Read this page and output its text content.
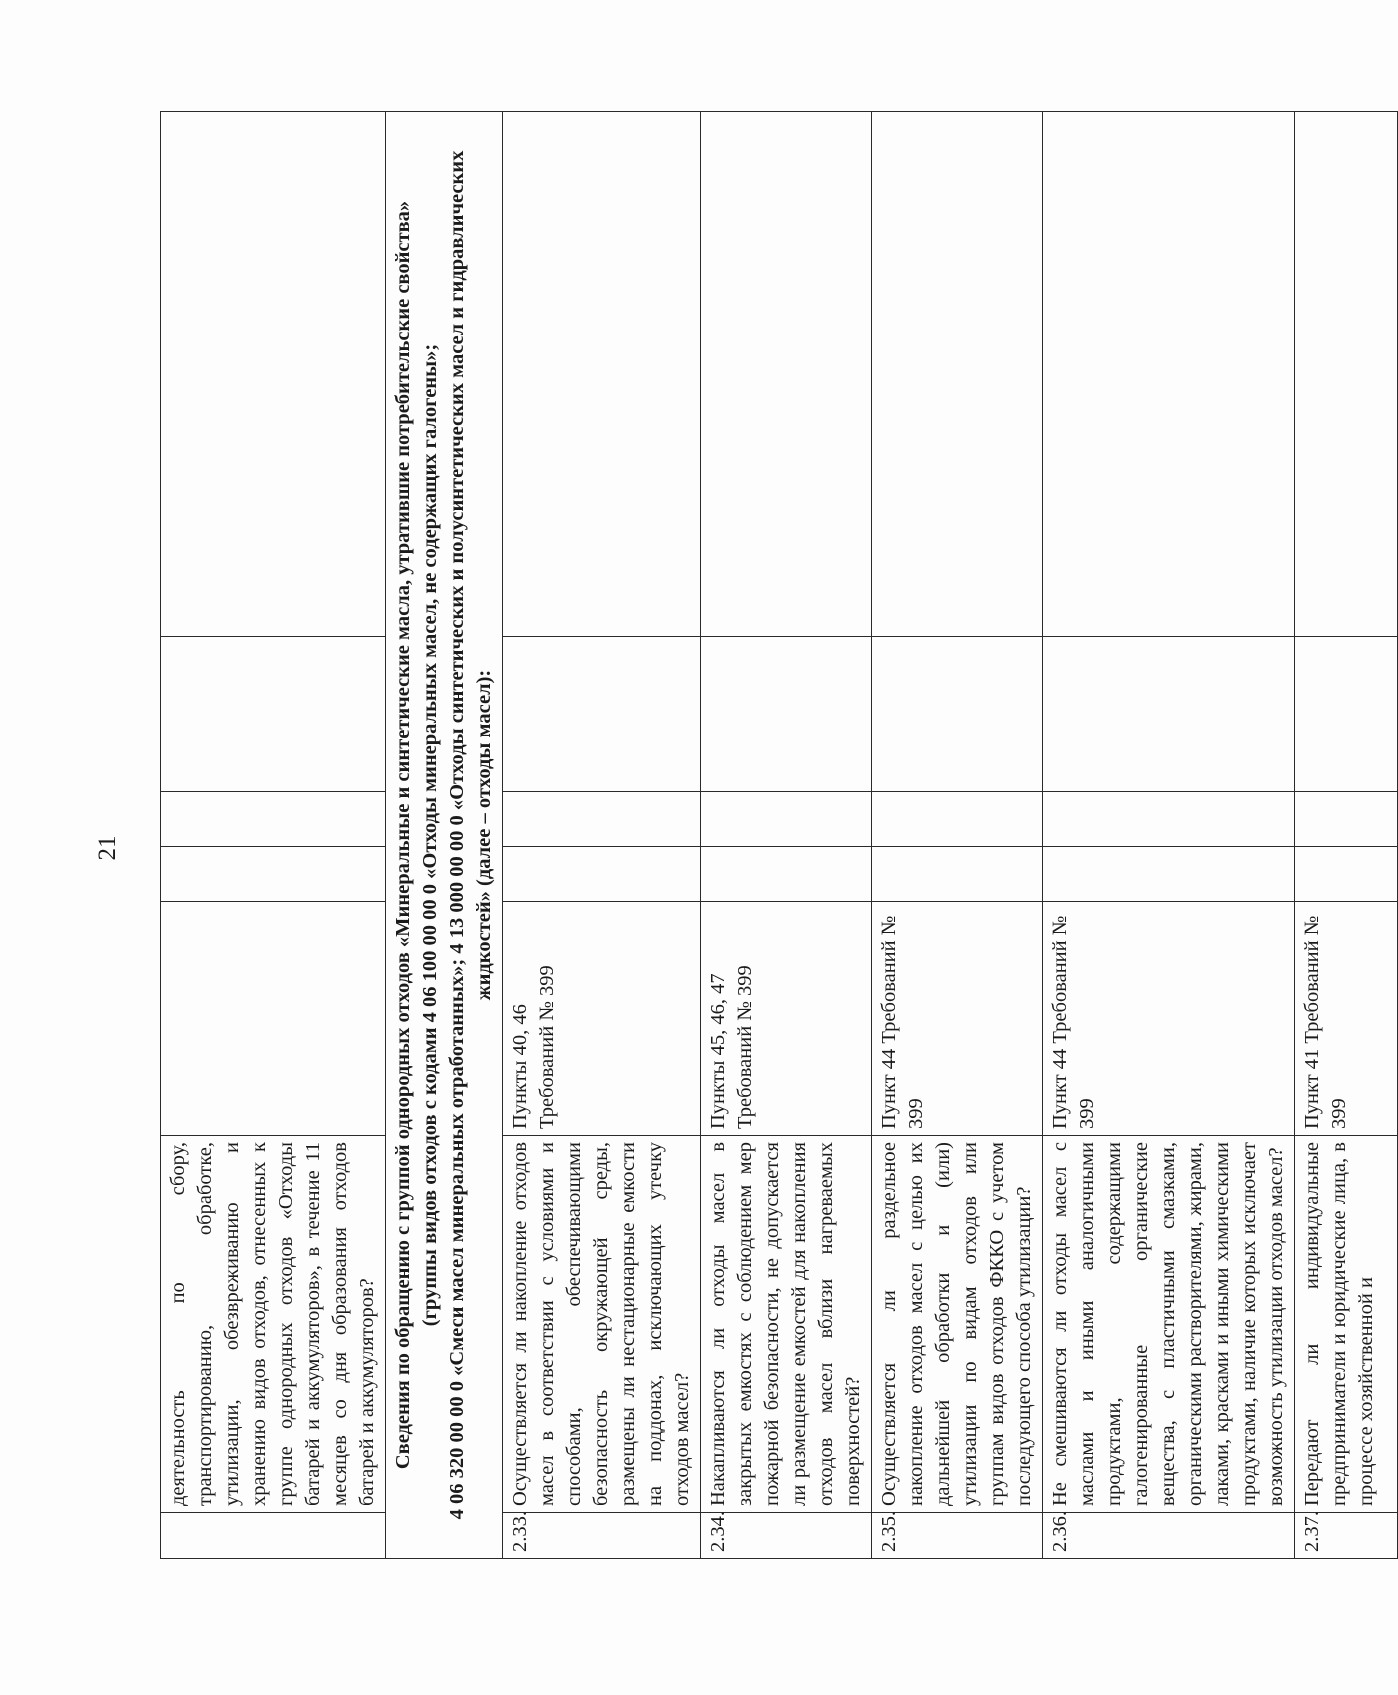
21
	деятельность по сбору, транспортированию, обработке, утилизации, обезвреживанию и хранению видов отходов, отнесенных к группе однородных отходов «Отходы батарей и аккумуляторов», в течение 11 месяцев со дня образования отходов батарей и аккумуляторов?					

Сведения по обращению с группой однородных отходов «Минеральные и синтетические масла, утратившие потребительские свойства» (группы видов отходов с кодами 4 06 100 00 00 0 «Отходы минеральных масел, не содержащих галогены»; 4 06 320 00 00 0 «Смеси масел минеральных отработанных»; 4 13 000 00 00 0 «Отходы синтетических и полусинтетических масел и гидравлических жидкостей» (далее – отходы масел):						

2.33.	Осуществляется ли накопление отходов масел в соответствии с условиями и способами, обеспечивающими безопасность окружающей среды, размещены ли нестационарные емкости на поддонах, исключающих утечку отходов масел?	Пункты 40, 46 Требований № 399				
2.34.	Накапливаются ли отходы масел в закрытых емкостях с соблюдением мер пожарной безопасности, не допускается ли размещение емкостей для накопления отходов масел вблизи нагреваемых поверхностей?	Пункты 45, 46, 47 Требований № 399				
2.35.	Осуществляется ли раздельное накопление отходов масел с целью их дальнейшей обработки и (или) утилизации по видам отходов или группам видов отходов ФККО с учетом последующего способа утилизации?	Пункт 44 Требований № 399				
2.36.	Не смешиваются ли отходы масел с маслами и иными аналогичными продуктами, содержащими галогенированные органические вещества, с пластичными смазками, органическими растворителями, жирами, лаками, красками и иными химическими продуктами, наличие которых исключает возможность утилизации отходов масел?	Пункт 44 Требований № 399				
2.37.	Передают ли индивидуальные предприниматели и юридические лица, в процессе хозяйственной и	Пункт 41 Требований № 399				
